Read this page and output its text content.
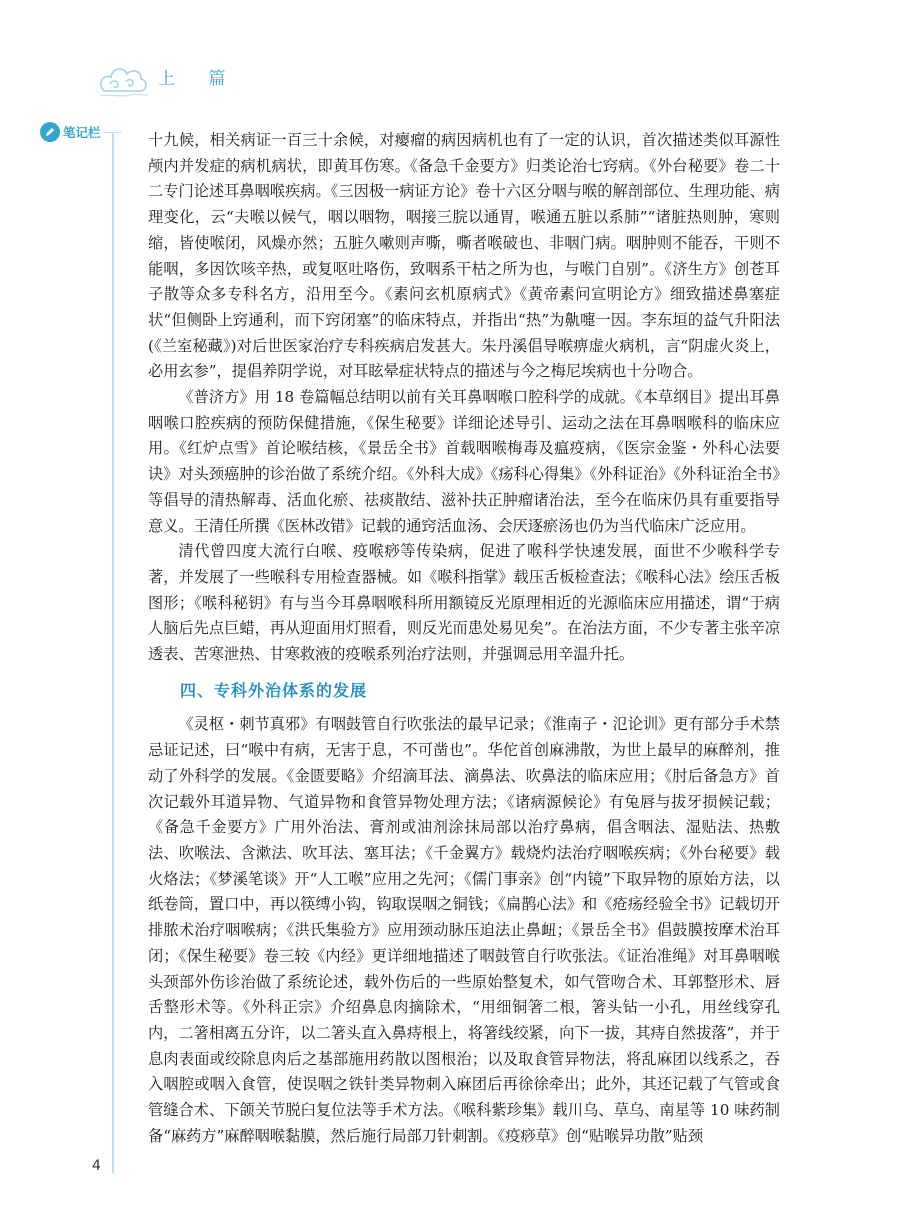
上 篇
笔记栏	十九候，相关病证一百三十余候，对瘿瘤的病因病机也有了一定的认识，首次描述类似耳源性颅内并发症的病机病状，即黄耳伤寒。《备急千金要方》归类论治七窍病。《外台秘要》卷二十二专门论述耳鼻咽喉疾病。《三因极一病证方论》卷十六区分咽与喉的解剖部位、生理功能、病理变化，云“夫喉以候气，咽以咽物，咽接三脘以通胃，喉通五脏以系肺”“诸脏热则肿，寒则缩，皆使喉闭，风燥亦然；五脏久嗽则声嘶，嘶者喉破也、非咽门病。咽肿则不能吞，干则不能咽，多因饮咳辛热，或复呕吐咯伤，致咽系干枯之所为也，与喉门自别”。《济生方》创苍耳子散等众多专科名方，沿用至今。《素问玄机原病式》《黄帝素问宣明论方》细致描述鼻塞症状“但侧卧上窍通利，而下窍闭塞”的临床特点，并指出“热”为鼽嚏一因。李东垣的益气升阳法(《兰室秘藏》)对后世医家治疗专科疾病启发甚大。朱丹溪倡导喉痹虚火病机，言“阴虚火炎上，必用玄参”，提倡养阴学说，对耳眩晕症状特点的描述与今之梅尼埃病也十分吻合。

《普济方》用 18 卷篇幅总结明以前有关耳鼻咽喉口腔科学的成就。《本草纲目》提出耳鼻咽喉口腔疾病的预防保健措施，《保生秘要》详细论述导引、运动之法在耳鼻咽喉科的临床应用。《红炉点雪》首论喉结核，《景岳全书》首载咽喉梅毒及瘟疫病，《医宗金鉴・外科心法要诀》对头颈癌肿的诊治做了系统介绍。《外科大成》《疡科心得集》《外科证治》《外科证治全书》等倡导的清热解毒、活血化瘀、祛痰散结、滋补扶正肿瘤诸治法，至今在临床仍具有重要指导意义。王清任所撰《医林改错》记载的通窍活血汤、会厌逐瘀汤也仍为当代临床广泛应用。

清代曾四度大流行白喉、疫喉痧等传染病，促进了喉科学快速发展，面世不少喉科学专著，并发展了一些喉科专用检查器械。如《喉科指掌》载压舌板检查法；《喉科心法》绘压舌板图形；《喉科秘钥》有与当今耳鼻咽喉科所用额镜反光原理相近的光源临床应用描述，谓“于病人脑后先点巨蜡，再从迎面用灯照看，则反光而患处易见矣”。在治法方面，不少专著主张辛凉透表、苦寒泄热、甘寒救液的疫喉系列治疗法则，并强调忌用辛温升托。

四、专科外治体系的发展

《灵枢・刺节真邪》有咽鼓管自行吹张法的最早记录；《淮南子・氾论训》更有部分手术禁忌证记述，曰“喉中有病，无害于息，不可凿也”。华佗首创麻沸散，为世上最早的麻醉剂，推动了外科学的发展。《金匮要略》介绍滴耳法、滴鼻法、吹鼻法的临床应用；《肘后备急方》首次记载外耳道异物、气道异物和食管异物处理方法；《诸病源候论》有兔唇与拔牙损候记载；《备急千金要方》广用外治法、膏剂或油剂涂抹局部以治疗鼻病，倡含咽法、湿贴法、热敷法、吹喉法、含漱法、吹耳法、塞耳法；《千金翼方》载烧灼法治疗咽喉疾病；《外台秘要》载火烙法；《梦溪笔谈》开“人工喉”应用之先河；《儒门事亲》创“内镜”下取异物的原始方法，以纸卷筒，置口中，再以筷缚小钩，钩取误咽之铜钱；《扁鹊心法》和《疮疡经验全书》记载切开排脓术治疗咽喉病；《洪氏集验方》应用颈动脉压迫法止鼻衄；《景岳全书》倡鼓膜按摩术治耳闭；《保生秘要》卷三较《内经》更详细地描述了咽鼓管自行吹张法。《证治准绳》对耳鼻咽喉头颈部外伤诊治做了系统论述，载外伤后的一些原始整复术，如气管吻合术、耳郭整形术、唇舌整形术等。《外科正宗》介绍鼻息肉摘除术，“用细铜箸二根，箸头钻一小孔，用丝线穿孔内，二箸相离五分许，以二箸头直入鼻痔根上，将箸线绞紧，向下一拔，其痔自然拔落”，并于息肉表面或绞除息肉后之基部施用药散以图根治；以及取食管异物法，将乱麻团以线系之，吞入咽腔或咽入食管，使误咽之铁针类异物刺入麻团后再徐徐牵出；此外，其还记载了气管或食管缝合术、下颌关节脱臼复位法等手术方法。《喉科紫珍集》载川乌、草乌、南星等 10 味药制备“麻药方”麻醉咽喉黏膜，然后施行局部刀针刺割。《疫痧草》创“贴喉异功散”贴颈

4
